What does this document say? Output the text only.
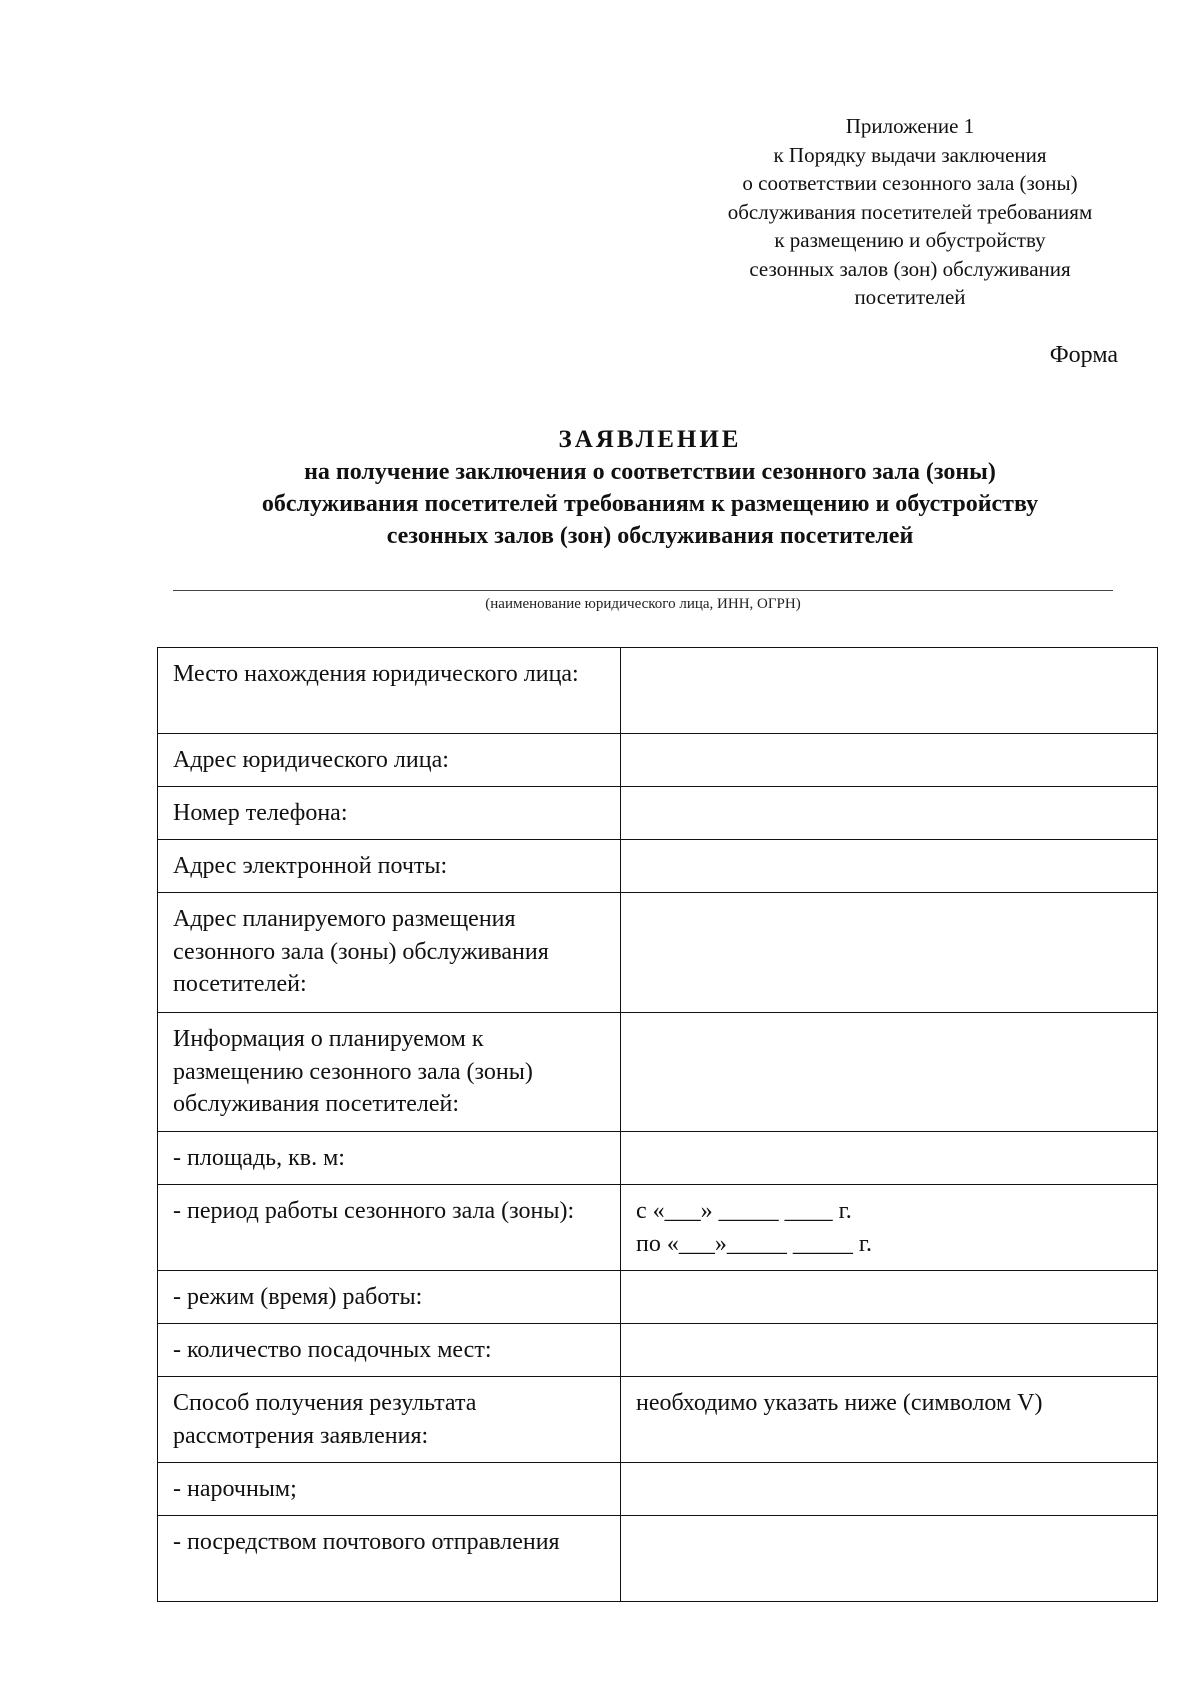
Приложение 1
к Порядку выдачи заключения
о соответствии сезонного зала (зоны)
обслуживания посетителей требованиям
к размещению и обустройству
сезонных залов (зон) обслуживания
посетителей
Форма
ЗАЯВЛЕНИЕ
на получение заключения о соответствии сезонного зала (зоны)
обслуживания посетителей требованиям к размещению и обустройству
сезонных залов (зон) обслуживания посетителей
(наименование юридического лица, ИНН, ОГРН)
Место нахождения юридического лица:	
Адрес юридического лица:	
Номер телефона:	
Адрес электронной почты:	
Адрес планируемого размещения сезонного зала (зоны) обслуживания посетителей:	
Информация о планируемом к размещению сезонного зала (зоны) обслуживания посетителей:	
- площадь, кв. м:	
- период работы сезонного зала (зоны):	с «___» _____ ____ г.
по «___»_____ _____ г.

- режим (время) работы:	
- количество посадочных мест:	
Способ получения результата рассмотрения заявления:	необходимо указать ниже (символом V)
- нарочным;	
- посредством почтового отправления	
